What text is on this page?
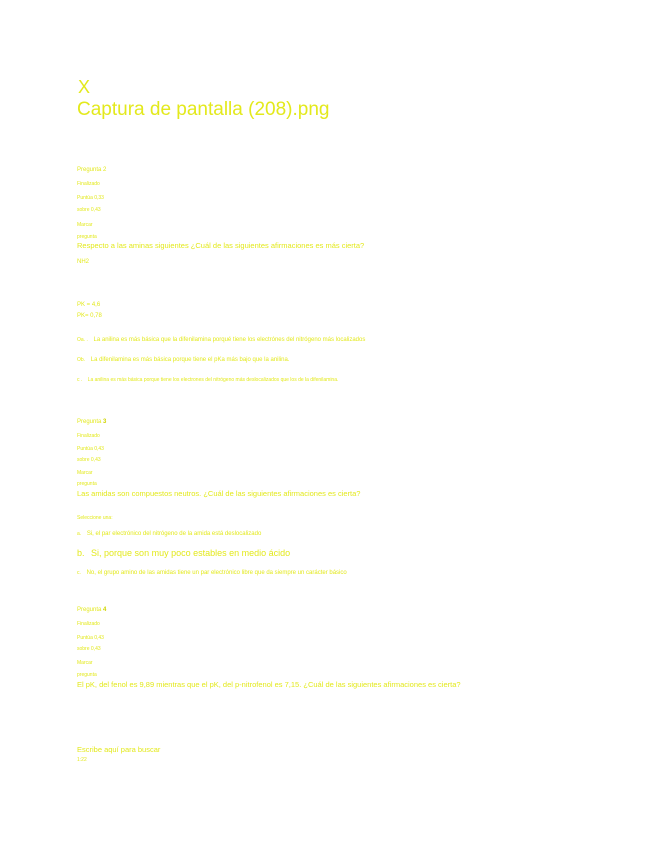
X
Captura de pantalla (208).png
Pregunta 2
Finalizado
Puntúa 0,33
sobre 0,43
Marcar
pregunta
Respecto a las aminas siguientes ¿Cuál de las siguientes afirmaciones es más cierta?
NH2
PK = 4,6
PK= 0,78
Oa. . La anilina es más básica que la difenilamina porqué tiene los electrónes del nitrógeno más localizados
Ob. La difenilamina es más básica porque tiene el pKa más bajo que la anilina.
c . La anilina es más básica porque tiene los electrones del nitrógeno más deslocalizados que los de la difenilamina.
Pregunta 3
Finalizado
Puntúa 0,43
sobre 0,43
Marcar
pregunta
Las amidas son compuestos neutros. ¿Cuál de las siguientes afirmaciones es cierta?
Seleccione una:
a. Si, el par electrónico del nitrógeno de la amida está deslocalizado
b. Si, porque son muy poco estables en medio ácido
c. No, el grupo amino de las amidas tiene un par electrónico libre que da siempre un carácter básico
Pregunta 4
Finalizado
Puntúa 0,43
sobre 0,43
Marcar
pregunta
El pK, del fenol es 9,89 mientras que el pK, del p-nitrofenol es 7,15. ¿Cuál de las siguientes afirmaciones es cierta?
Escribe aquí para buscar
1:22
